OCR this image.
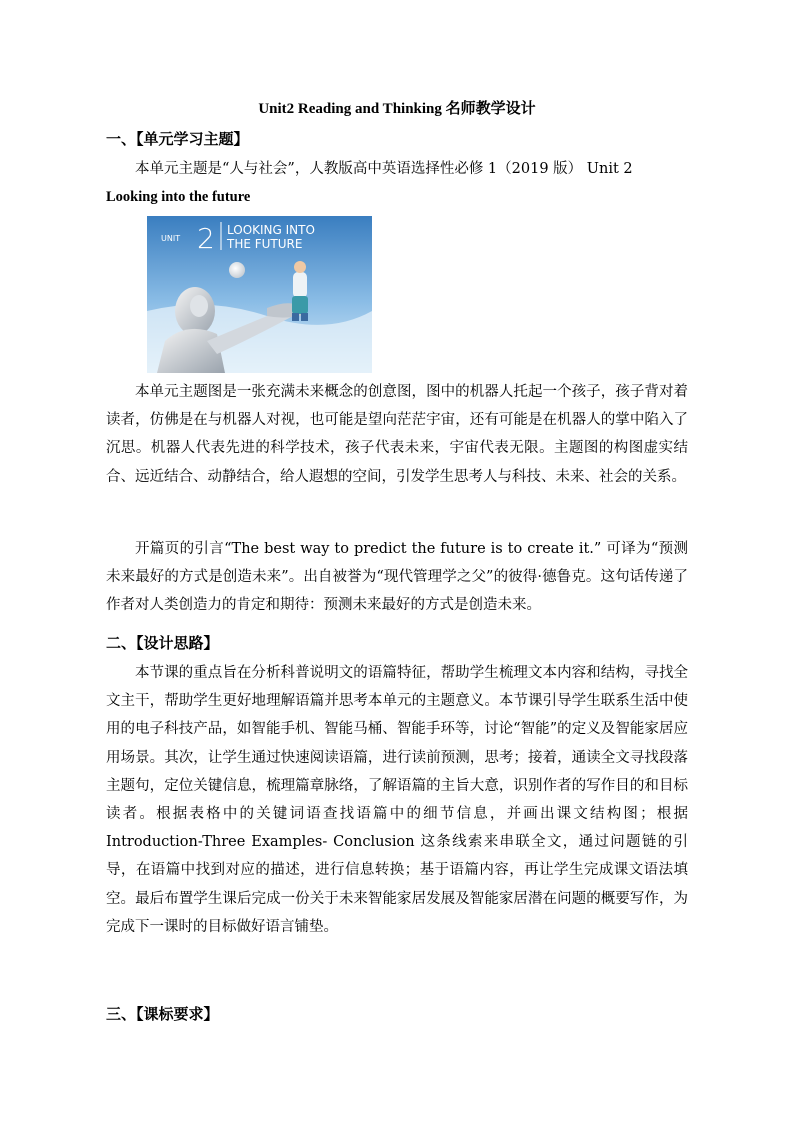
Unit2 Reading and Thinking 名师教学设计
一、【单元学习主题】
本单元主题是“人与社会”，人教版高中英语选择性必修 1（2019 版） Unit 2
Looking into the future
UNIT 2 LOOKING INTO
THE FUTURE
本单元主题图是一张充满未来概念的创意图，图中的机器人托起一个孩子，孩子背对着读者，仿佛是在与机器人对视，也可能是望向茫茫宇宙，还有可能是在机器人的掌中陷入了沉思。机器人代表先进的科学技术，孩子代表未来，宇宙代表无限。主题图的构图虚实结合、远近结合、动静结合，给人遐想的空间，引发学生思考人与科技、未来、社会的关系。
开篇页的引言“The best way to predict the future is to create it.” 可译为“预测未来最好的方式是创造未来”。出自被誉为“现代管理学之父”的彼得·德鲁克。这句话传递了作者对人类创造力的肯定和期待：预测未来最好的方式是创造未来。
二、【设计思路】
本节课的重点旨在分析科普说明文的语篇特征，帮助学生梳理文本内容和结构，寻找全文主干，帮助学生更好地理解语篇并思考本单元的主题意义。本节课引导学生联系生活中使用的电子科技产品，如智能手机、智能马桶、智能手环等，讨论“智能”的定义及智能家居应用场景。其次，让学生通过快速阅读语篇，进行读前预测，思考；接着，通读全文寻找段落主题句，定位关键信息，梳理篇章脉络，了解语篇的主旨大意，识别作者的写作目的和目标读者。根据表格中的关键词语查找语篇中的细节信息，并画出课文结构图；根据 Introduction-Three Examples- Conclusion 这条线索来串联全文，通过问题链的引导，在语篇中找到对应的描述，进行信息转换；基于语篇内容，再让学生完成课文语法填空。最后布置学生课后完成一份关于未来智能家居发展及智能家居潜在问题的概要写作，为完成下一课时的目标做好语言铺垫。
三、【课标要求】
